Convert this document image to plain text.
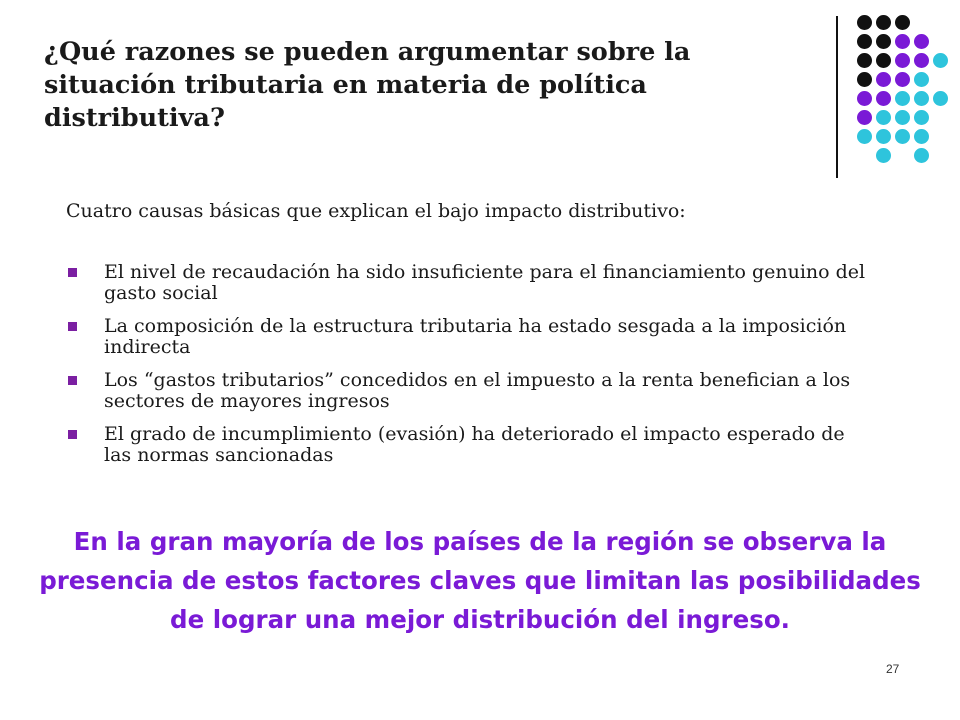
¿Qué razones se pueden argumentar sobre la situación tributaria en materia de política distributiva?
Cuatro causas básicas que explican el bajo impacto distributivo:
El nivel de recaudación ha sido insuficiente para el financiamiento genuino del gasto social
La composición de la estructura tributaria ha estado sesgada a la imposición indirecta
Los “gastos tributarios” concedidos en el impuesto a la renta benefician a los sectores de mayores ingresos
El grado de incumplimiento (evasión) ha deteriorado el impacto esperado de las normas sancionadas
En la gran mayoría de los países de la región se observa la presencia de estos factores claves que limitan las posibilidades de lograr una mejor distribución del ingreso.
27
